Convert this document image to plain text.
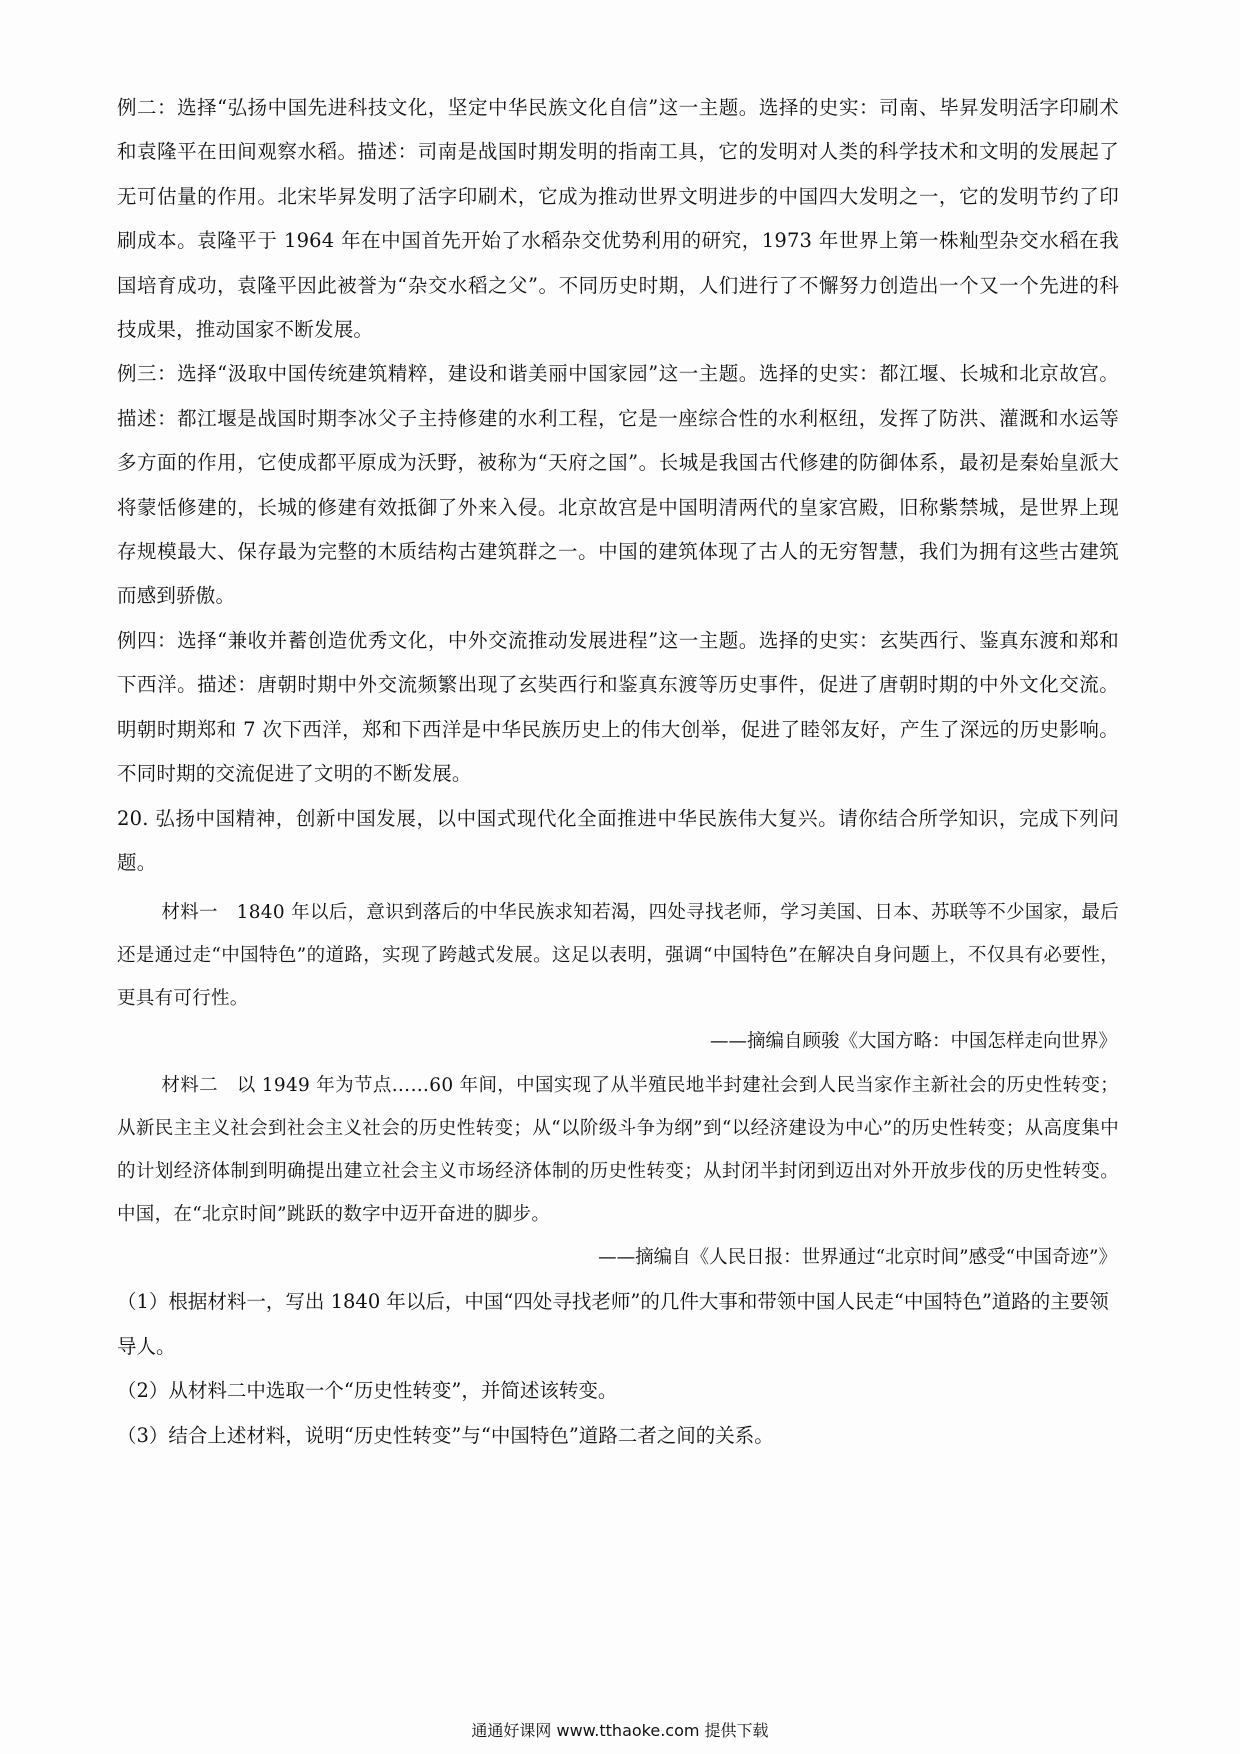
例二：选择“弘扬中国先进科技文化，坚定中华民族文化自信”这一主题。选择的史实：司南、毕昇发明活字印刷术和袁隆平在田间观察水稻。描述：司南是战国时期发明的指南工具，它的发明对人类的科学技术和文明的发展起了无可估量的作用。北宋毕昇发明了活字印刷术，它成为推动世界文明进步的中国四大发明之一，它的发明节约了印刷成本。袁隆平于 1964 年在中国首先开始了水稻杂交优势利用的研究，1973 年世界上第一株籼型杂交水稻在我国培育成功，袁隆平因此被誉为“杂交水稻之父”。不同历史时期，人们进行了不懈努力创造出一个又一个先进的科技成果，推动国家不断发展。

例三：选择“汲取中国传统建筑精粹，建设和谐美丽中国家园”这一主题。选择的史实：都江堰、长城和北京故宫。描述：都江堰是战国时期李冰父子主持修建的水利工程，它是一座综合性的水利枢纽，发挥了防洪、灌溉和水运等多方面的作用，它使成都平原成为沃野，被称为“天府之国”。长城是我国古代修建的防御体系，最初是秦始皇派大将蒙恬修建的，长城的修建有效抵御了外来入侵。北京故宫是中国明清两代的皇家宫殿，旧称紫禁城，是世界上现存规模最大、保存最为完整的木质结构古建筑群之一。中国的建筑体现了古人的无穷智慧，我们为拥有这些古建筑而感到骄傲。

例四：选择“兼收并蓄创造优秀文化，中外交流推动发展进程”这一主题。选择的史实：玄奘西行、鉴真东渡和郑和下西洋。描述：唐朝时期中外交流频繁出现了玄奘西行和鉴真东渡等历史事件，促进了唐朝时期的中外文化交流。明朝时期郑和 7 次下西洋，郑和下西洋是中华民族历史上的伟大创举，促进了睦邻友好，产生了深远的历史影响。不同时期的交流促进了文明的不断发展。

20. 弘扬中国精神，创新中国发展，以中国式现代化全面推进中华民族伟大复兴。请你结合所学知识，完成下列问题。

材料一　1840 年以后，意识到落后的中华民族求知若渴，四处寻找老师，学习美国、日本、苏联等不少国家，最后还是通过走“中国特色”的道路，实现了跨越式发展。这足以表明，强调“中国特色”在解决自身问题上，不仅具有必要性，更具有可行性。

——摘编自顾骏《大国方略：中国怎样走向世界》

材料二　以 1949 年为节点……60 年间，中国实现了从半殖民地半封建社会到人民当家作主新社会的历史性转变；从新民主主义社会到社会主义社会的历史性转变；从“以阶级斗争为纲”到“以经济建设为中心”的历史性转变；从高度集中的计划经济体制到明确提出建立社会主义市场经济体制的历史性转变；从封闭半封闭到迈出对外开放步伐的历史性转变。中国，在“北京时间”跳跃的数字中迈开奋进的脚步。

——摘编自《人民日报：世界通过“北京时间”感受“中国奇迹”》

（1）根据材料一，写出 1840 年以后，中国“四处寻找老师”的几件大事和带领中国人民走“中国特色”道路的主要领导人。

（2）从材料二中选取一个“历史性转变”，并简述该转变。

（3）结合上述材料，说明“历史性转变”与“中国特色”道路二者之间的关系。

通通好课网 www.tthaoke.com 提供下载
